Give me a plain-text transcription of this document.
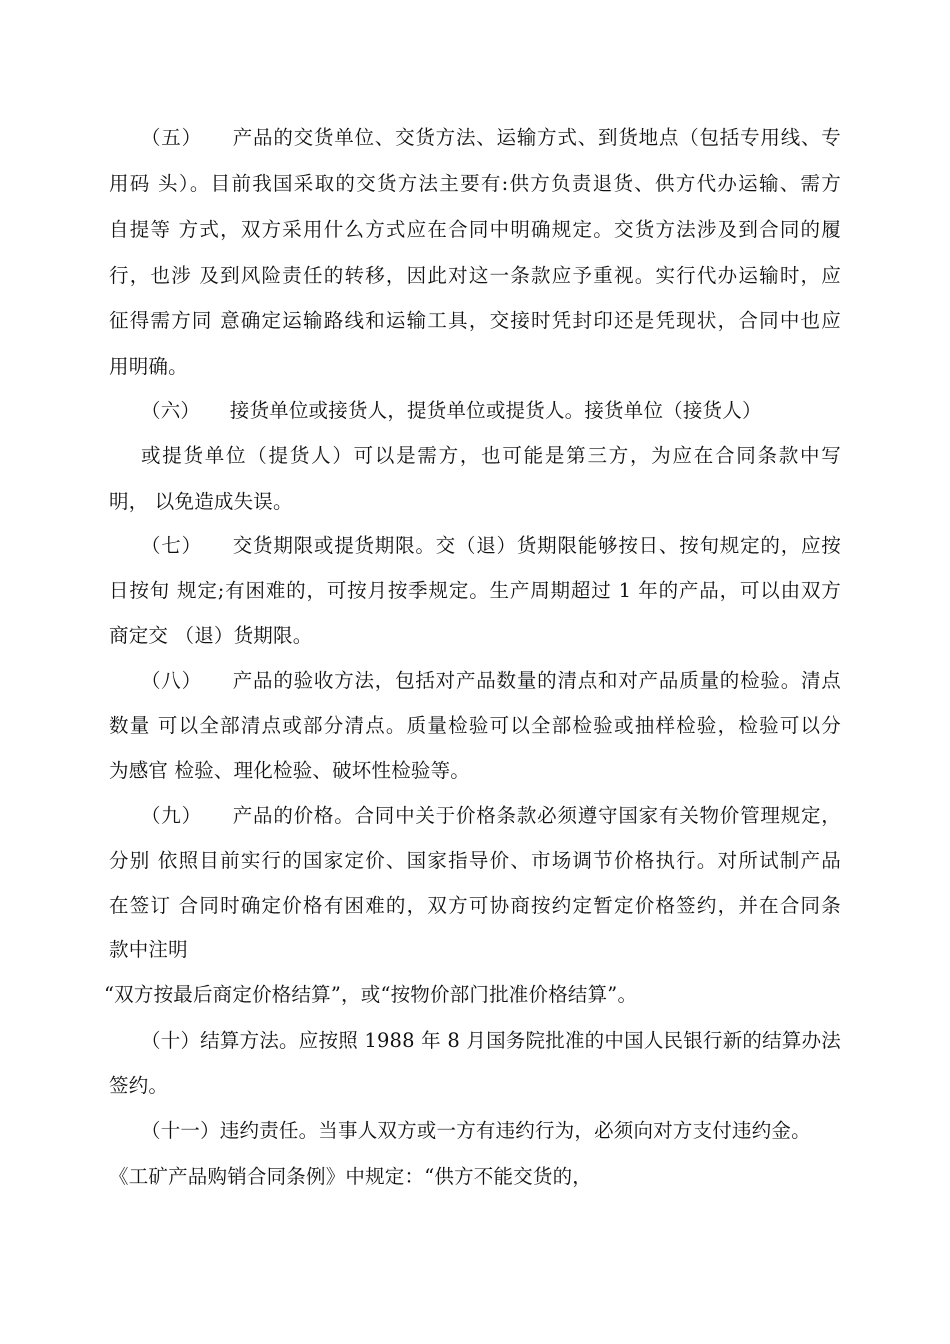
（五）　　产品的交货单位、交货方法、运输方式、到货地点（包括专用线、专
用码 头）。目前我国采取的交货方法主要有:供方负责退货、供方代办运输、需方
自提等 方式，双方采用什么方式应在合同中明确规定。交货方法涉及到合同的履
行，也涉 及到风险责任的转移，因此对这一条款应予重视。实行代办运输时，应
征得需方同 意确定运输路线和运输工具，交接时凭封印还是凭现状，合同中也应
用明确。
（六）　　接货单位或接货人，提货单位或提货人。接货单位（接货人）
或提货单位（提货人）可以是需方，也可能是第三方，为应在合同条款中写
明， 以免造成失误。
（七）　　交货期限或提货期限。交（退）货期限能够按日、按旬规定的，应按
日按旬 规定;有困难的，可按月按季规定。生产周期超过 1 年的产品，可以由双方
商定交 （退）货期限。
（八）　　产品的验收方法，包括对产品数量的清点和对产品质量的检验。清点
数量 可以全部清点或部分清点。质量检验可以全部检验或抽样检验，检验可以分
为感官 检验、理化检验、破坏性检验等。
（九）　　产品的价格。合同中关于价格条款必须遵守国家有关物价管理规定，
分别 依照目前实行的国家定价、国家指导价、市场调节价格执行。对所试制产品
在签订 合同时确定价格有困难的，双方可协商按约定暂定价格签约，并在合同条
款中注明
“双方按最后商定价格结算”，或“按物价部门批准价格结算”。
（十）结算方法。应按照 1988 年 8 月国务院批准的中国人民银行新的结算办法
签约。
（十一）违约责任。当事人双方或一方有违约行为，必须向对方支付违约金。
《工矿产品购销合同条例》中规定：“供方不能交货的，
